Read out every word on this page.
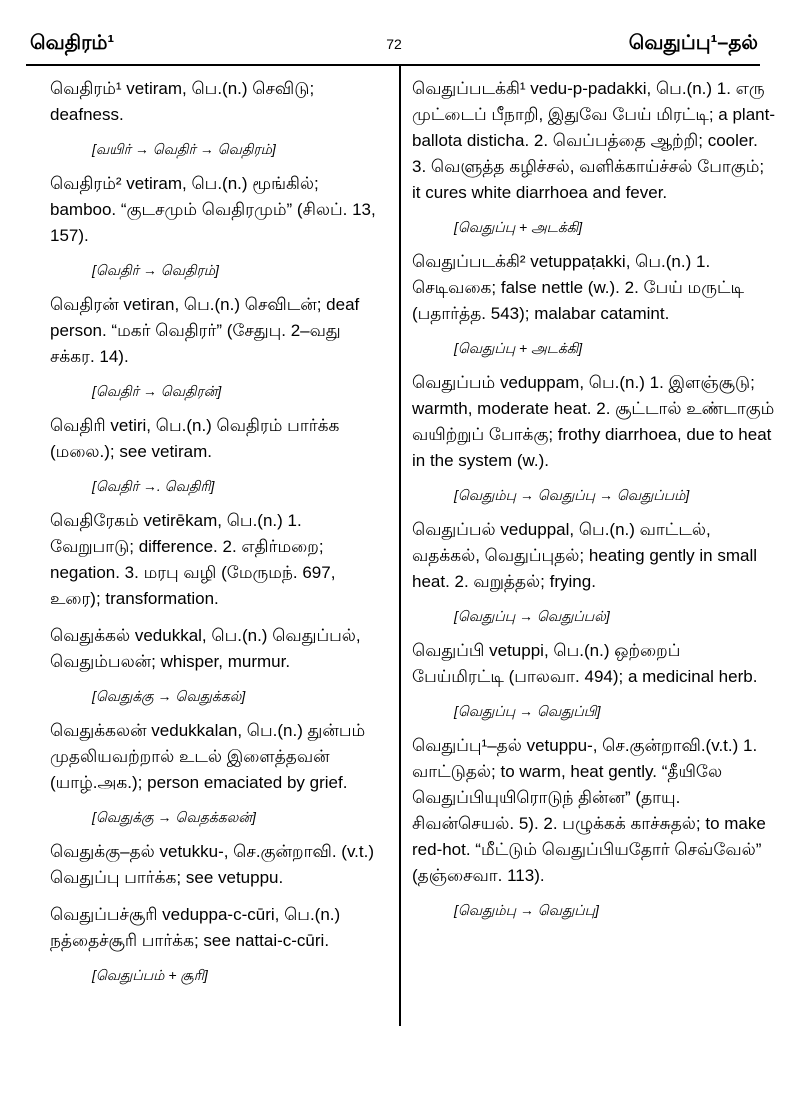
வெதிரம்¹	72	வெதுப்பு¹–தல்
வெதிரம்¹ vetiram, பெ.(n.) செவிடு; deafness.
[வயிர் → வெதிர் → வெதிரம்]
வெதிரம்² vetiram, பெ.(n.) மூங்கில்; bamboo. “குடசமும் வெதிரமும்” (சிலப். 13, 157).
[வெதிர் → வெதிரம்]
வெதிரன் vetiran, பெ.(n.) செவிடன்; deaf person. “மகர் வெதிரர்” (சேதுபு. 2–வது சக்கர. 14).
[வெதிர் → வெதிரன்]
வெதிரி vetiri, பெ.(n.) வெதிரம் பார்க்க (மலை.); see vetiram.
[வெதிர் →. வெதிரி]
வெதிரேகம் vetirēkam, பெ.(n.) 1. வேறுபாடு; difference. 2. எதிர்மறை; negation. 3. மரபு வழி (மேருமந். 697, உரை); transformation.
வெதுக்கல் vedukkal, பெ.(n.) வெதுப்பல், வெதும்பலன்; whisper, murmur.
[வெதுக்கு → வெதுக்கல்]
வெதுக்கலன் vedukkalan, பெ.(n.) துன்பம் முதலியவற்றால் உடல் இளைத்தவன் (யாழ்.அக.); person emaciated by grief.
[வெதுக்கு → வெதக்கலன்]
வெதுக்கு–தல் vetukku-, செ.குன்றாவி. (v.t.) வெதுப்பு பார்க்க; see vetuppu.
வெதுப்பச்சூரி veduppa-c-cūri, பெ.(n.) நத்தைச்சூரி பார்க்க; see nattai-c-cūri.
[வெதுப்பம் + சூரி]
வெதுப்படக்கி¹ vedu-p-padakki, பெ.(n.) 1. எரு முட்டைப் பீநாறி, இதுவே பேய் மிரட்டி; a plant-ballota disticha. 2. வெப்பத்தை ஆற்றி; cooler. 3. வெளுத்த கழிச்சல், வளிக்காய்ச்சல் போகும்; it cures white diarrhoea and fever.
[வெதுப்பு + அடக்கி]
வெதுப்படக்கி² vetuppaṭakki, பெ.(n.) 1. செடிவகை; false nettle (w.). 2. பேய் மருட்டி (பதார்த்த. 543); malabar catamint.
[வெதுப்பு + அடக்கி]
வெதுப்பம் veduppam, பெ.(n.) 1. இளஞ்சூடு; warmth, moderate heat. 2. சூட்டால் உண்டாகும் வயிற்றுப் போக்கு; frothy diarrhoea, due to heat in the system (w.).
[வெதும்பு → வெதுப்பு → வெதுப்பம்]
வெதுப்பல் veduppal, பெ.(n.) வாட்டல், வதக்கல், வெதுப்புதல்; heating gently in small heat. 2. வறுத்தல்; frying.
[வெதுப்பு → வெதுப்பல்]
வெதுப்பி vetuppi, பெ.(n.) ஒற்றைப் பேய்மிரட்டி (பாலவா. 494); a medicinal herb.
[வெதுப்பு → வெதுப்பி]
வெதுப்பு¹–தல் vetuppu-, செ.குன்றாவி.(v.t.) 1. வாட்டுதல்; to warm, heat gently. “தீயிலே வெதுப்பியுயிரொடுந் தின்ன” (தாயு. சிவன்செயல். 5). 2. பழுக்கக் காச்சுதல்; to make red-hot. “மீட்டும் வெதுப்பியதோர் செவ்வேல்” (தஞ்சைவா. 113).
[வெதும்பு → வெதுப்பு]
